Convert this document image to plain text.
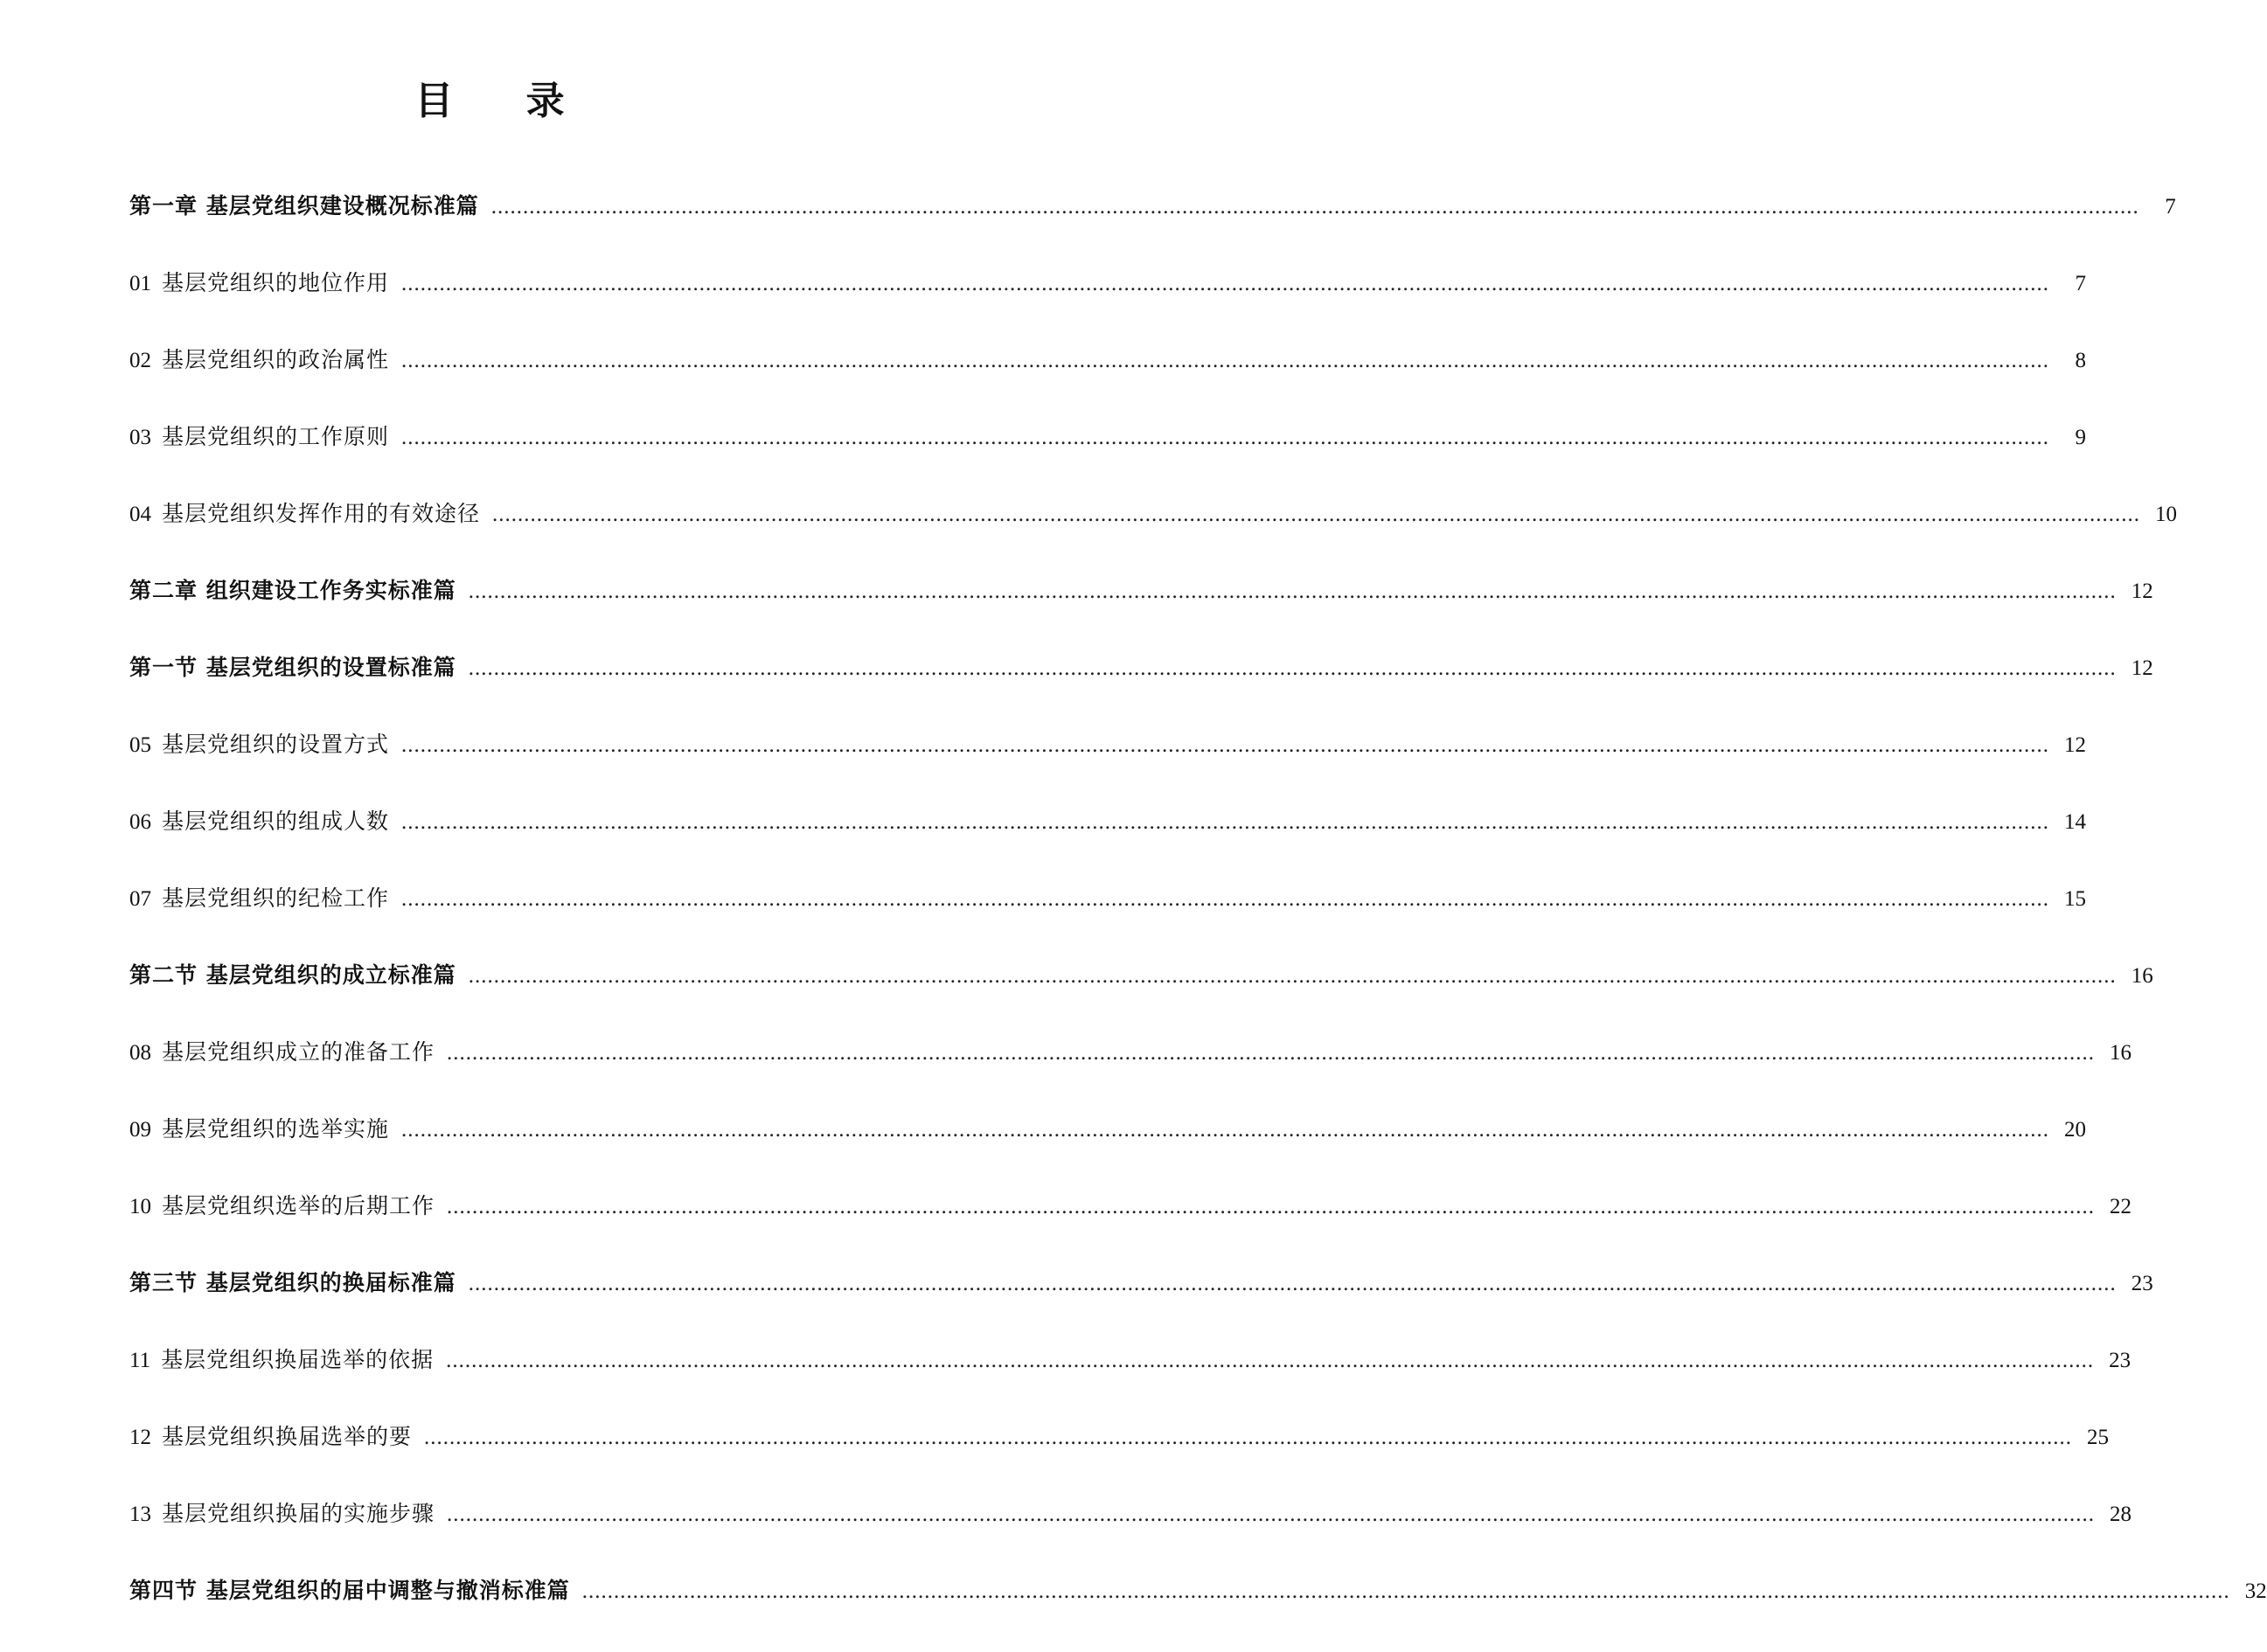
目 录
第一章 基层党组织建设概况标准篇 ....................................................................................................................................................................................................................................................................	7
01 基层党组织的地位作用 ....................................................................................................................................................................................................................................................................	7
02 基层党组织的政治属性 ....................................................................................................................................................................................................................................................................	8
03 基层党组织的工作原则 ....................................................................................................................................................................................................................................................................	9
04 基层党组织发挥作用的有效途径 .................................................................................................................................................................................................................................................................... 10
第二章 组织建设工作务实标准篇 .................................................................................................................................................................................................................................................................... 12
第一节 基层党组织的设置标准篇 .................................................................................................................................................................................................................................................................... 12
05 基层党组织的设置方式 .................................................................................................................................................................................................................................................................... 12
06 基层党组织的组成人数 .................................................................................................................................................................................................................................................................... 14
07 基层党组织的纪检工作 .................................................................................................................................................................................................................................................................... 15
第二节 基层党组织的成立标准篇 .................................................................................................................................................................................................................................................................... 16
08 基层党组织成立的准备工作 .................................................................................................................................................................................................................................................................... 16
09 基层党组织的选举实施 .................................................................................................................................................................................................................................................................... 20
10 基层党组织选举的后期工作 .................................................................................................................................................................................................................................................................... 22
第三节 基层党组织的换届标准篇 .................................................................................................................................................................................................................................................................... 23
11 基层党组织换届选举的依据 .................................................................................................................................................................................................................................................................... 23
12 基层党组织换届选举的要 .................................................................................................................................................................................................................................................................... 25
13 基层党组织换届的实施步骤 .................................................................................................................................................................................................................................................................... 28
第四节 基层党组织的届中调整与撤消标准篇 .................................................................................................................................................................................................................................................................... 32
